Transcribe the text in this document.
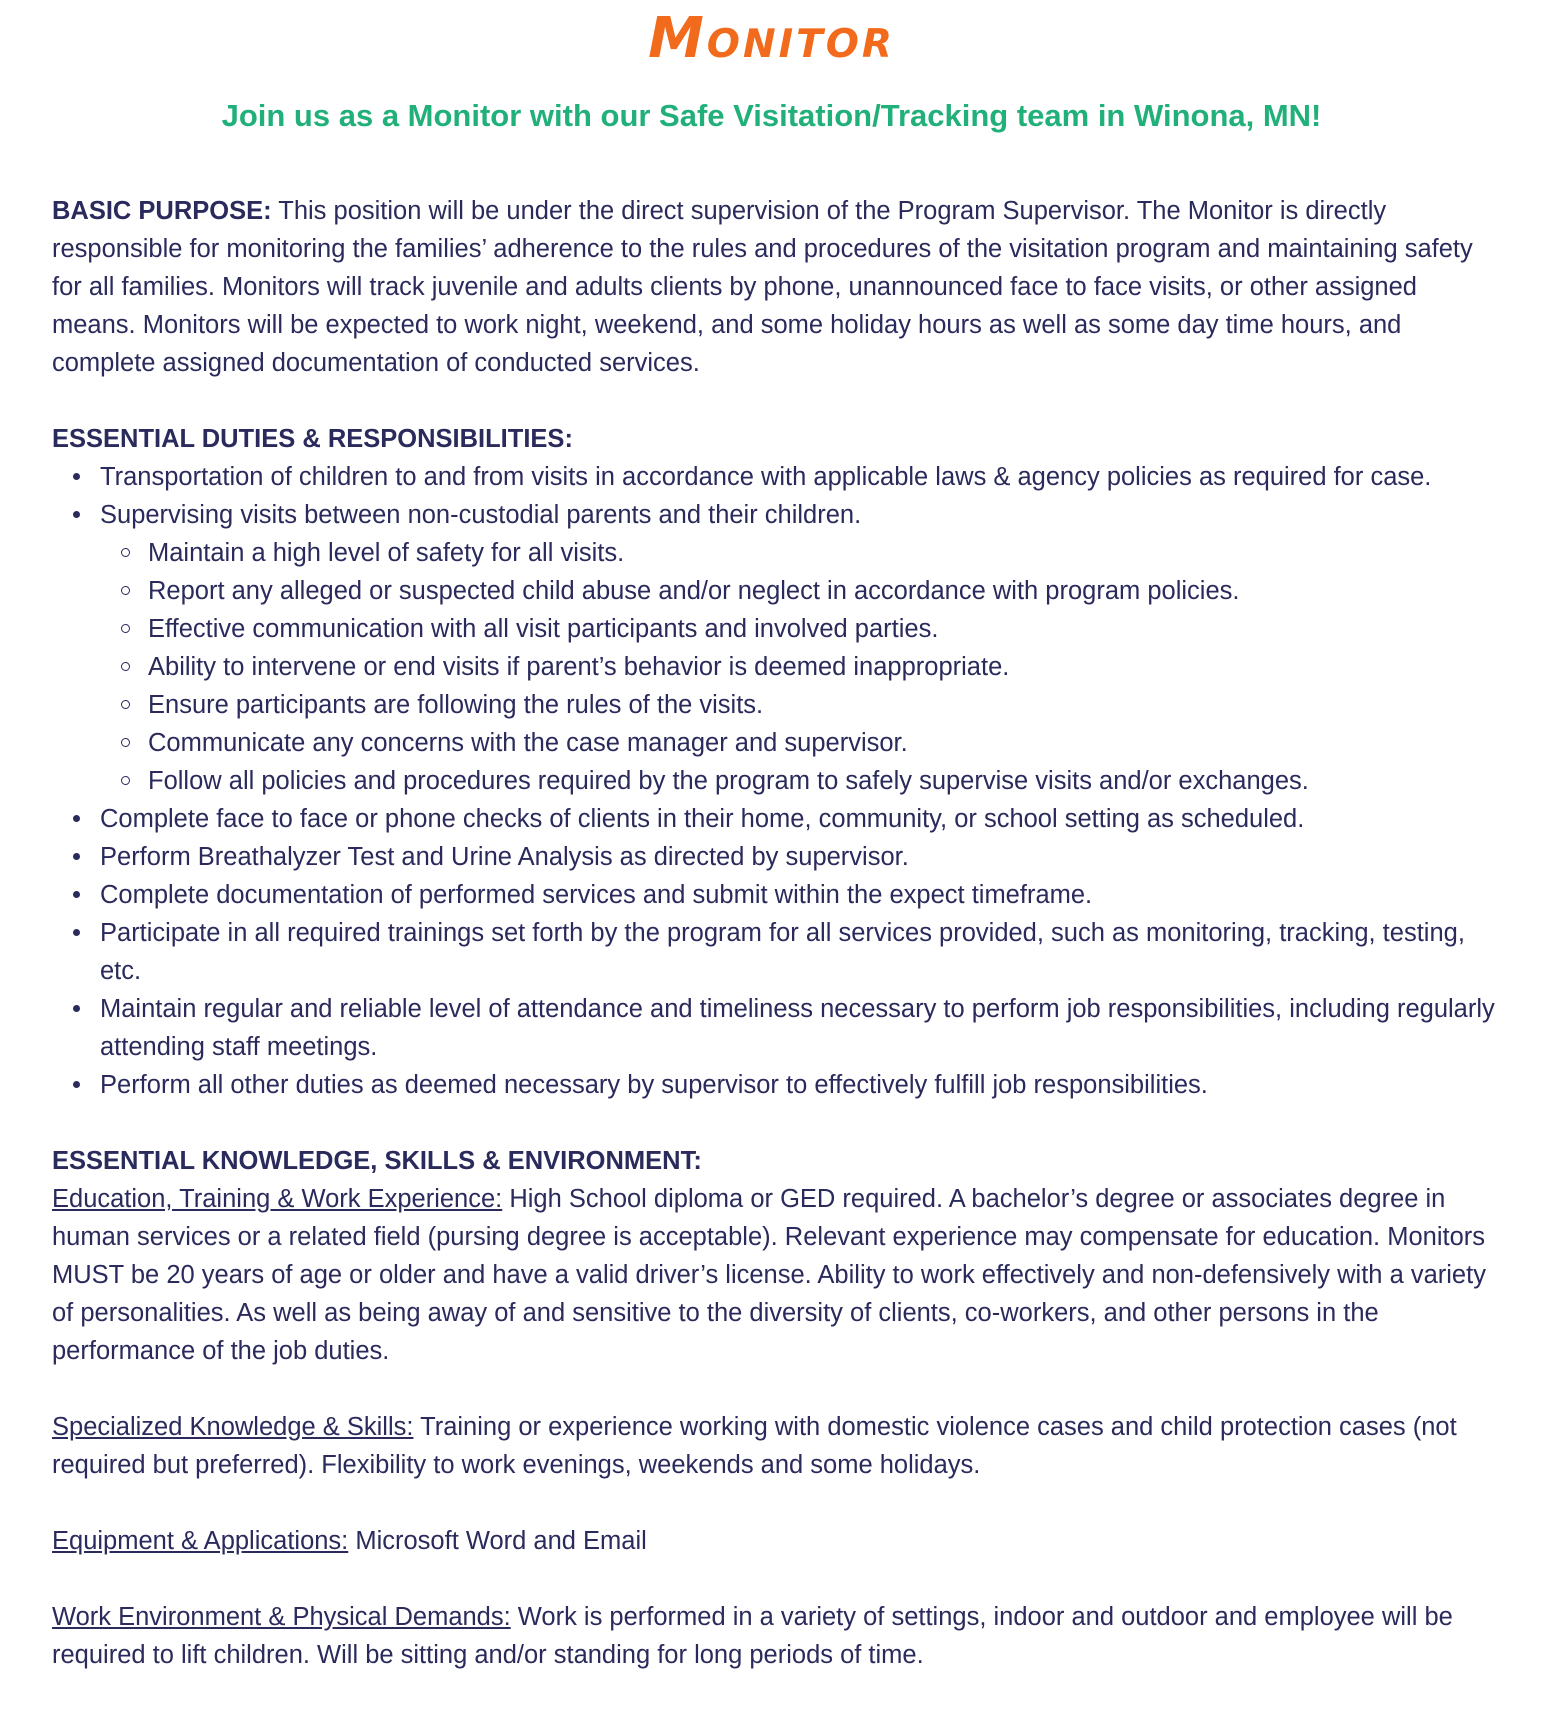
Monitor
Join us as a Monitor with our Safe Visitation/Tracking team in Winona, MN!

BASIC PURPOSE: This position will be under the direct supervision of the Program Supervisor. The Monitor is directly responsible for monitoring the families’ adherence to the rules and procedures of the visitation program and maintaining safety for all families. Monitors will track juvenile and adults clients by phone, unannounced face to face visits, or other assigned means. Monitors will be expected to work night, weekend, and some holiday hours as well as some day time hours, and complete assigned documentation of conducted services.

ESSENTIAL DUTIES & RESPONSIBILITIES:

Transportation of children to and from visits in accordance with applicable laws & agency policies as required for case.
Supervising visits between non-custodial parents and their children.
Maintain a high level of safety for all visits.
Report any alleged or suspected child abuse and/or neglect in accordance with program policies.
Effective communication with all visit participants and involved parties.
Ability to intervene or end visits if parent’s behavior is deemed inappropriate.
Ensure participants are following the rules of the visits.
Communicate any concerns with the case manager and supervisor.
Follow all policies and procedures required by the program to safely supervise visits and/or exchanges.
Complete face to face or phone checks of clients in their home, community, or school setting as scheduled.
Perform Breathalyzer Test and Urine Analysis as directed by supervisor.
Complete documentation of performed services and submit within the expect timeframe.
Participate in all required trainings set forth by the program for all services provided, such as monitoring, tracking, testing, etc.
Maintain regular and reliable level of attendance and timeliness necessary to perform job responsibilities, including regularly attending staff meetings.
Perform all other duties as deemed necessary by supervisor to effectively fulfill job responsibilities.

ESSENTIAL KNOWLEDGE, SKILLS & ENVIRONMENT:

Education, Training & Work Experience: High School diploma or GED required. A bachelor’s degree or associates degree in human services or a related field (pursing degree is acceptable). Relevant experience may compensate for education. Monitors MUST be 20 years of age or older and have a valid driver’s license. Ability to work effectively and non-defensively with a variety of personalities. As well as being away of and sensitive to the diversity of clients, co-workers, and other persons in the performance of the job duties.

Specialized Knowledge & Skills: Training or experience working with domestic violence cases and child protection cases (not required but preferred). Flexibility to work evenings, weekends and some holidays.

Equipment & Applications: Microsoft Word and Email

Work Environment & Physical Demands: Work is performed in a variety of settings, indoor and outdoor and employee will be required to lift children. Will be sitting and/or standing for long periods of time.
